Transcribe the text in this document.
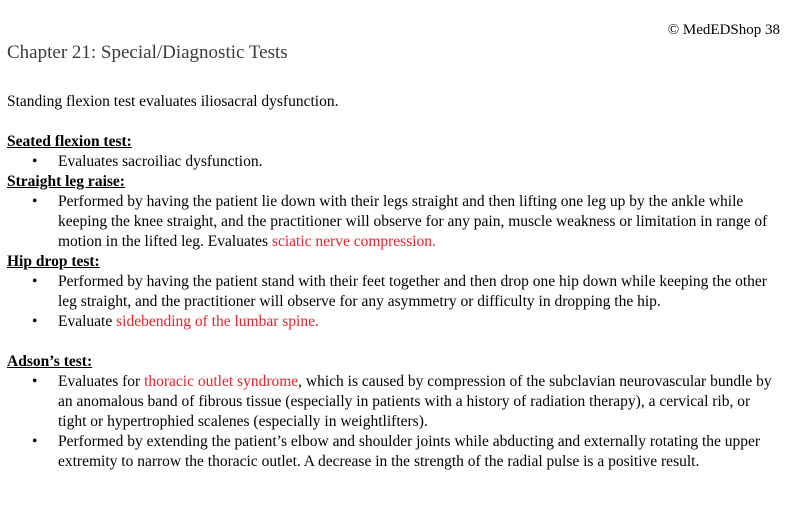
© MedEDShop 38
Chapter 21: Special/Diagnostic Tests

Standing flexion test evaluates iliosacral dysfunction.

Seated flexion test:

• Evaluates sacroiliac dysfunction.

Straight leg raise:

• Performed by having the patient lie down with their legs straight and then lifting one leg up by the ankle while keeping the knee straight, and the practitioner will observe for any pain, muscle weakness or limitation in range of motion in the lifted leg. Evaluates sciatic nerve compression.

Hip drop test:

• Performed by having the patient stand with their feet together and then drop one hip down while keeping the other leg straight, and the practitioner will observe for any asymmetry or difficulty in dropping the hip.
• Evaluate sidebending of the lumbar spine.

Adson’s test:

• Evaluates for thoracic outlet syndrome, which is caused by compression of the subclavian neurovascular bundle by an anomalous band of fibrous tissue (especially in patients with a history of radiation therapy), a cervical rib, or tight or hypertrophied scalenes (especially in weightlifters).
• Performed by extending the patient’s elbow and shoulder joints while abducting and externally rotating the upper extremity to narrow the thoracic outlet. A decrease in the strength of the radial pulse is a positive result.
